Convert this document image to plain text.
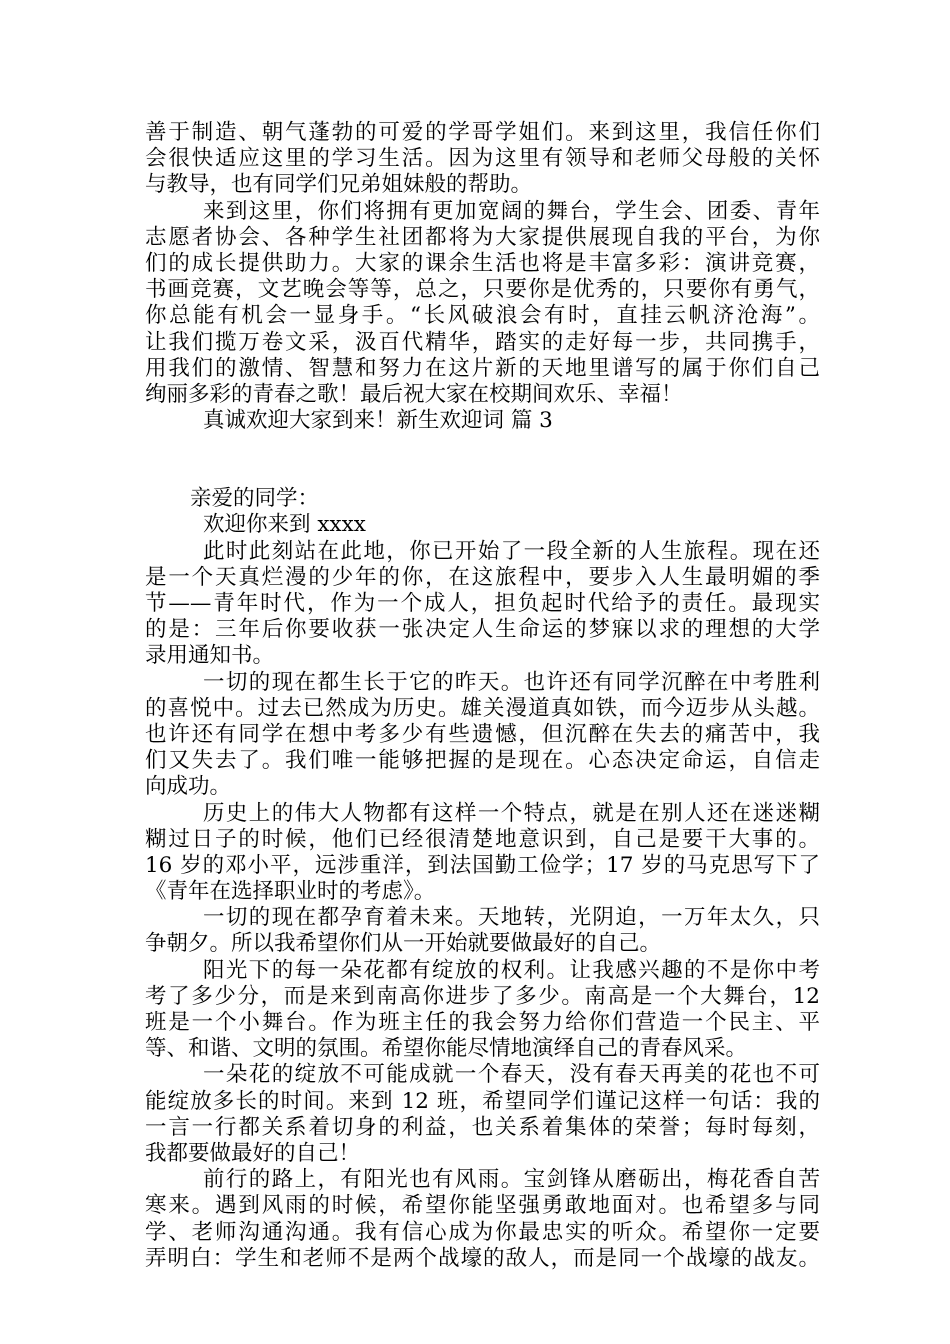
善于制造、朝气蓬勃的可爱的学哥学姐们。来到这里，我信任你们
会很快适应这里的学习生活。因为这里有领导和老师父母般的关怀
与教导，也有同学们兄弟姐妹般的帮助。
来到这里，你们将拥有更加宽阔的舞台，学生会、团委、青年
志愿者协会、各种学生社团都将为大家提供展现自我的平台，为你
们的成长提供助力。大家的课余生活也将是丰富多彩：演讲竞赛，
书画竞赛，文艺晚会等等，总之，只要你是优秀的，只要你有勇气，
你总能有机会一显身手。“长风破浪会有时，直挂云帆济沧海”。
让我们揽万卷文采，汲百代精华，踏实的走好每一步，共同携手，
用我们的激情、智慧和努力在这片新的天地里谱写的属于你们自己
绚丽多彩的青春之歌！最后祝大家在校期间欢乐、幸福！
真诚欢迎大家到来！新生欢迎词 篇 3
亲爱的同学：
欢迎你来到 xxxx
此时此刻站在此地，你已开始了一段全新的人生旅程。现在还
是一个天真烂漫的少年的你，在这旅程中，要步入人生最明媚的季
节——青年时代，作为一个成人，担负起时代给予的责任。最现实
的是：三年后你要收获一张决定人生命运的梦寐以求的理想的大学
录用通知书。
一切的现在都生长于它的昨天。也许还有同学沉醉在中考胜利
的喜悦中。过去已然成为历史。雄关漫道真如铁，而今迈步从头越。
也许还有同学在想中考多少有些遗憾，但沉醉在失去的痛苦中，我
们又失去了。我们唯一能够把握的是现在。心态决定命运，自信走
向成功。
历史上的伟大人物都有这样一个特点，就是在别人还在迷迷糊
糊过日子的时候，他们已经很清楚地意识到，自己是要干大事的。
16 岁的邓小平，远涉重洋，到法国勤工俭学；17 岁的马克思写下了
《青年在选择职业时的考虑》。
一切的现在都孕育着未来。天地转，光阴迫，一万年太久，只
争朝夕。所以我希望你们从一开始就要做最好的自己。
阳光下的每一朵花都有绽放的权利。让我感兴趣的不是你中考
考了多少分，而是来到南高你进步了多少。南高是一个大舞台，12
班是一个小舞台。作为班主任的我会努力给你们营造一个民主、平
等、和谐、文明的氛围。希望你能尽情地演绎自己的青春风采。
一朵花的绽放不可能成就一个春天，没有春天再美的花也不可
能绽放多长的时间。来到 12 班，希望同学们谨记这样一句话：我的
一言一行都关系着切身的利益，也关系着集体的荣誉；每时每刻，
我都要做最好的自己！
前行的路上，有阳光也有风雨。宝剑锋从磨砺出，梅花香自苦
寒来。遇到风雨的时候，希望你能坚强勇敢地面对。也希望多与同
学、老师沟通沟通。我有信心成为你最忠实的听众。希望你一定要
弄明白：学生和老师不是两个战壕的敌人，而是同一个战壕的战友。
